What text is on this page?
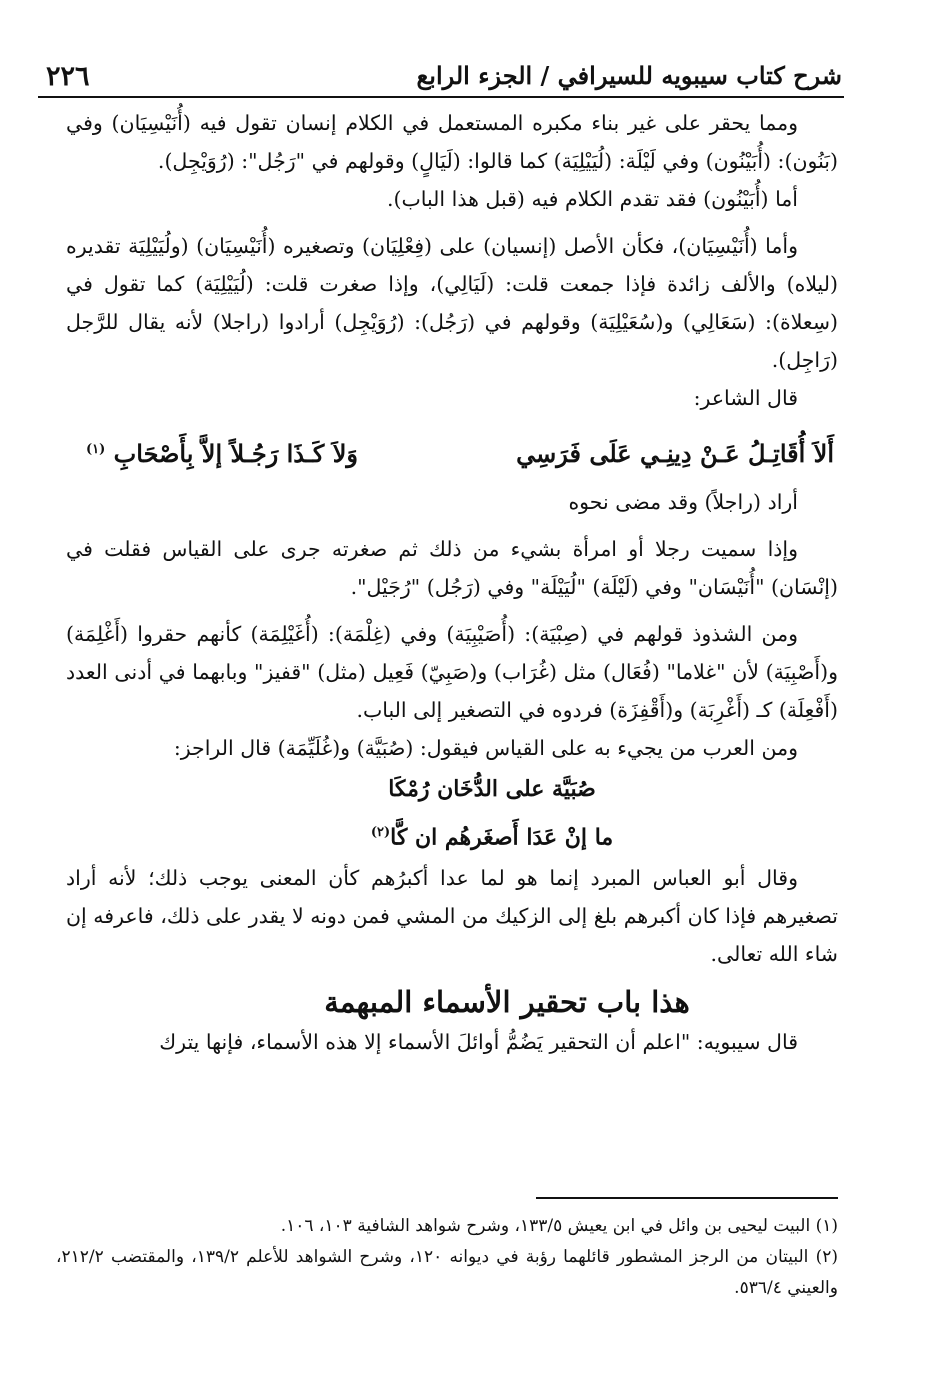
شرح كتاب سيبويه للسيرافي / الجزء الرابع
٢٢٦

ومما يحقر على غير بناء مكبره المستعمل في الكلام إنسان تقول فيه (أُنَيْسِيَان) وفي (بَنُون): (أُبَيْنُون) وفي لَيْلَة: (لُيَيْلِيَة) كما قالوا: (لَيَالٍ) وقولهم في "رَجُل": (رُوَيْجِل).

أما (أُبَيْنُون) فقد تقدم الكلام فيه (قبل هذا الباب).

وأما (أُنَيْسِيَان)، فكأن الأصل (إنسيان) على (فِعْلِيَان) وتصغيره (أُنَيْسِيَان) (ولُيَيْلِيَة تقديره (ليلاه) والألف زائدة فإذا جمعت قلت: (لَيَالِي)، وإذا صغرت قلت: (لُيَيْلِيَة) كما تقول في (سِعلاة): (سَعَالِي) و(سُعَيْلِيَة) وقولهم في (رَجُل): (رُوَيْجِل) أرادوا (راجلا) لأنه يقال للرَّجل (رَاجِل).

قال الشاعر:

أَلاَ أُقَاتِـلُ عَـنْ دِينِـي عَلَى فَرَسِي
وَلاَ كَـذَا رَجُـلاً إلاَّ بِأَصْحَابِ $^{(١)}$

أراد (راجلاً) وقد مضى نحوه

وإذا سميت رجلا أو امرأة بشيء من ذلك ثم صغرته جرى على القياس فقلت في (إنْسَان) "أُنَيْسَان" وفي (لَيْلَة) "لُيَيْلَة" وفي (رَجُل) "رُجَيْل".

ومن الشذوذ قولهم في (صِبْيَة): (أُصَيْبِيَة) وفي (غِلْمَة): (أُغَيْلِمَة) كأنهم حقروا (أَغْلِمَة) و(أَصْبِيَة) لأن "غلاما" (فُعَال) مثل (غُرَاب) و(صَبِيّ) فَعِيل (مثل) "قفيز" وبابهما في أدنى العدد (أَفْعِلَة) كـ (أَغْرِبَة) و(أَقْفِزَة) فردوه في التصغير إلى الباب.

ومن العرب من يجيء به على القياس فيقول: (صُبَيَّة) و(غُلَيِّمَة) قال الراجز:

صُبَيَّة على الدُّخَان رُمْكَا
ما إنْ عَدَا أَصغَرهُم ان كَّا$^{(٢)}$

وقال أبو العباس المبرد إنما هو لما عدا أكبرُهم كأن المعنى يوجب ذلك؛ لأنه أراد تصغيرهم فإذا كان أكبرهم بلغ إلى الزكيك من المشي فمن دونه لا يقدر على ذلك، فاعرفه إن شاء الله تعالى.

هذا باب تحقير الأسماء المبهمة

قال سيبويه: "اعلم أن التحقير يَضُمُّ أوائلَ الأسماء إلا هذه الأسماء، فإنها يترك

(١) البيت ليحيى بن وائل في ابن يعيش ١٣٣/٥، وشرح شواهد الشافية ١٠٣، ١٠٦.

(٢) البيتان من الرجز المشطور قائلهما رؤبة في ديوانه ١٢٠، وشرح الشواهد للأعلم ١٣٩/٢، والمقتضب ٢١٢/٢، والعيني ٥٣٦/٤.
